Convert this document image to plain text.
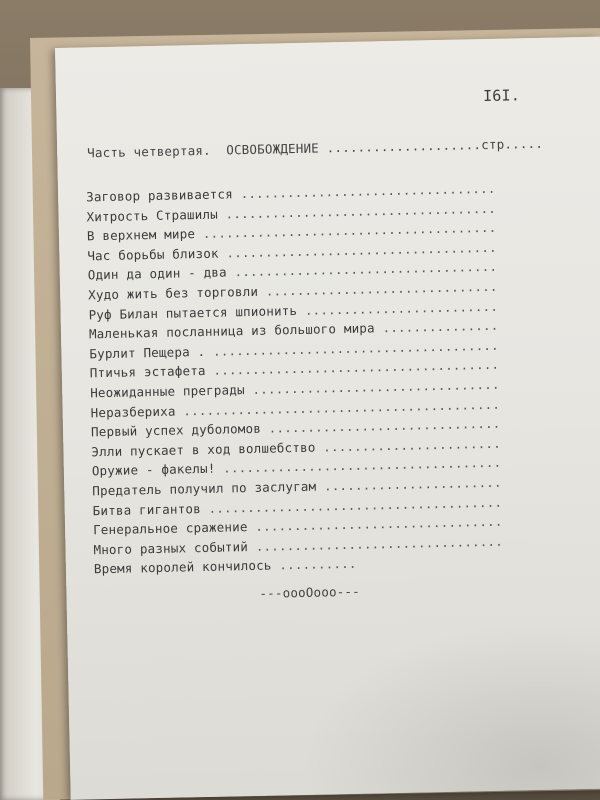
I6I.
Часть четвертая. ОСВОБОЖДЕНИЕ ....................стр.....
Заговор развивается .................................
Хитрость Страшилы ...................................
В верхнем мире ......................................
Час борьбы близок ...................................
Один да один - два ..................................
Худо жить без торговли ..............................
Руф Билан пытается шпионить .........................
Маленькая посланница из большого мира ...............
Бурлит Пещера . .....................................
Птичья эстафета .....................................
Неожиданные преграды ................................
Неразбериха .........................................
Первый успех дуболомов ..............................
Элли пускает в ход волшебство .......................
Оружие - факелы! ....................................
Предатель получил по заслугам .......................
Битва гигантов ......................................
Генеральное сражение ................................
Много разных событий ................................
Время королей кончилось ..........
---оооОооо---
